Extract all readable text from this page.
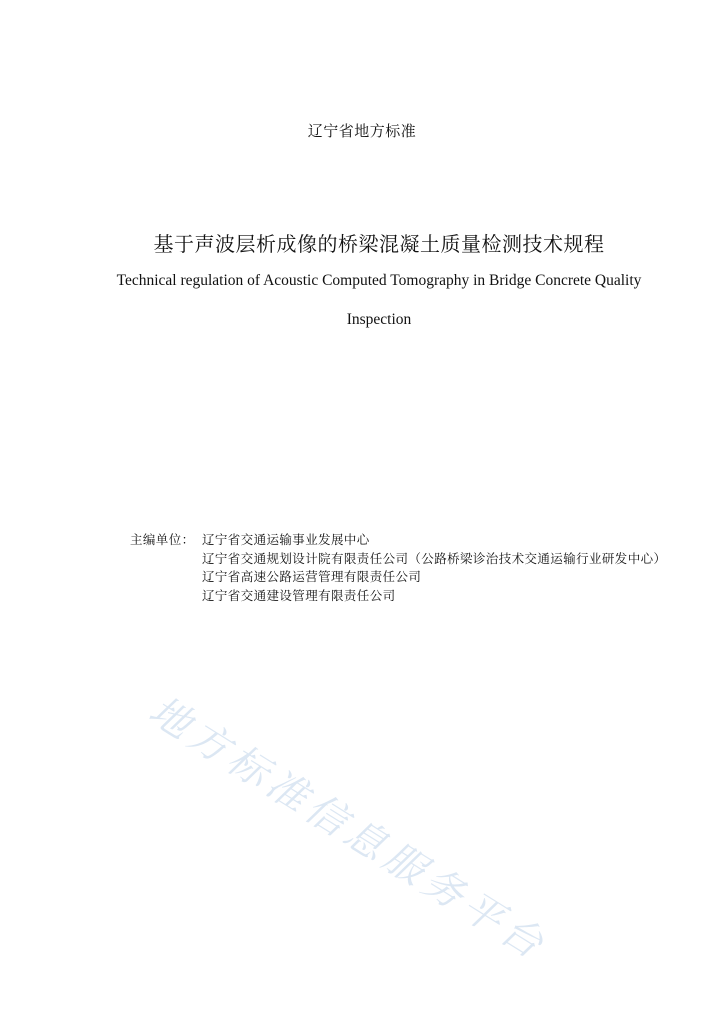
辽宁省地方标准
基于声波层析成像的桥梁混凝土质量检测技术规程
Technical regulation of Acoustic Computed Tomography in Bridge Concrete Quality
Inspection
主编单位： 辽宁省交通运输事业发展中心
辽宁省交通规划设计院有限责任公司（公路桥梁诊治技术交通运输行业研发中心）
辽宁省高速公路运营管理有限责任公司
辽宁省交通建设管理有限责任公司
地方标准信息服务平台
